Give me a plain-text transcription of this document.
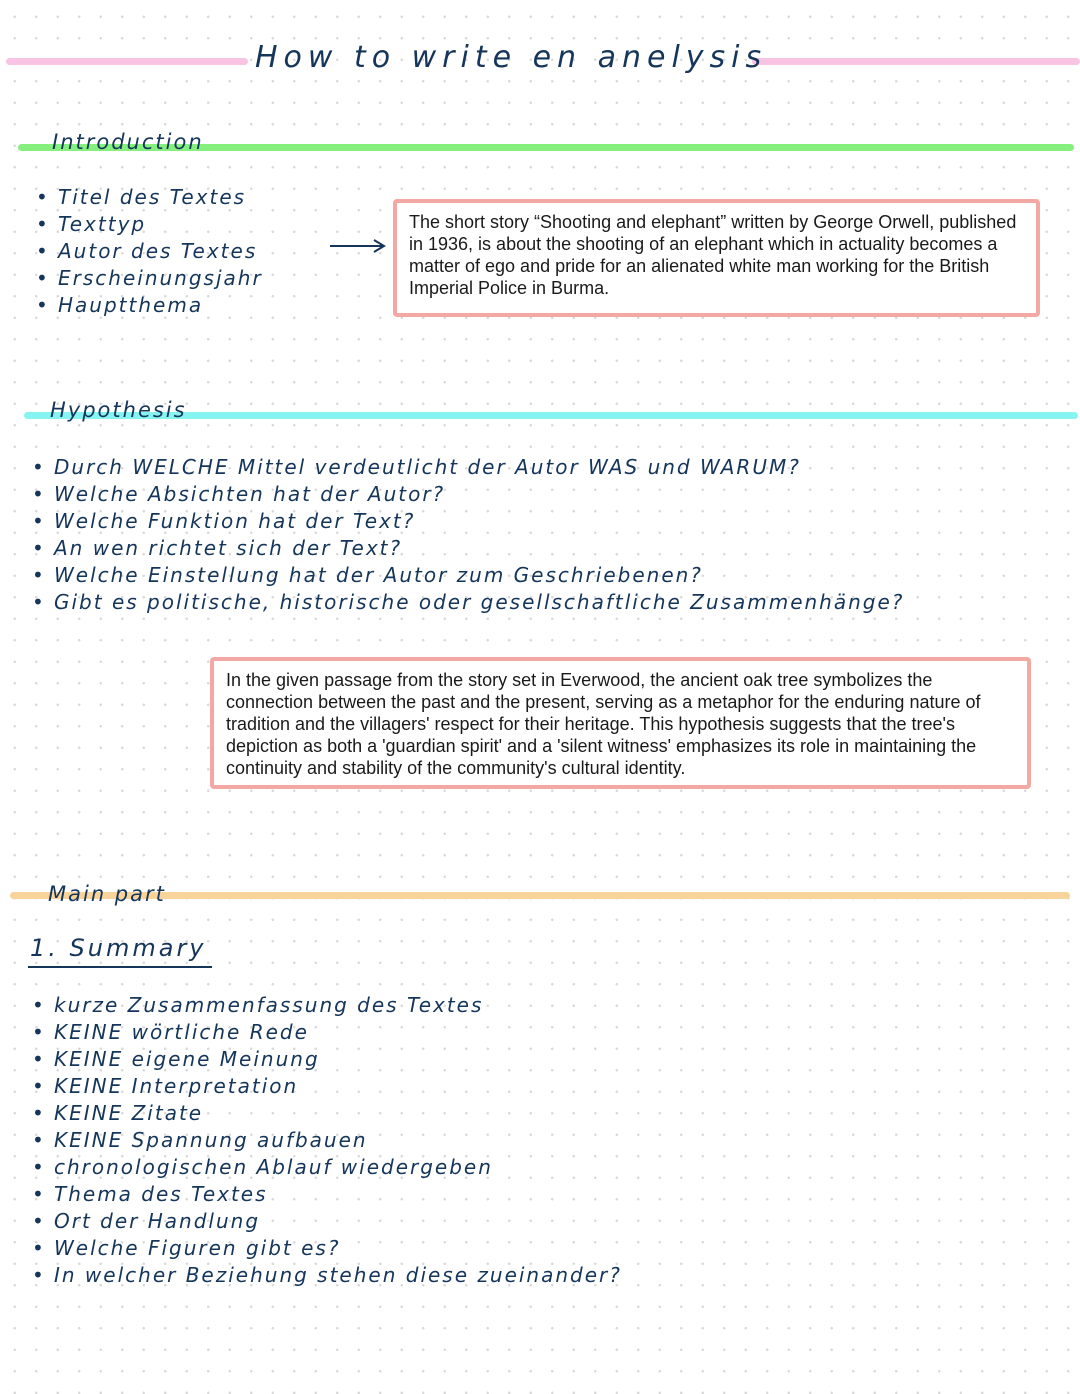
How to write en anelysis
Introduction
• Titel des Textes
• Texttyp
• Autor des Textes
• Erscheinungsjahr
• Hauptthema
The short story “Shooting and elephant” written by George Orwell, published in 1936, is about the shooting of an elephant which in actuality becomes a matter of ego and pride for an alienated white man working for the British Imperial Police in Burma.
Hypothesis
• Durch WELCHE Mittel verdeutlicht der Autor WAS und WARUM?
• Welche Absichten hat der Autor?
• Welche Funktion hat der Text?
• An wen richtet sich der Text?
• Welche Einstellung hat der Autor zum Geschriebenen?
• Gibt es politische, historische oder gesellschaftliche Zusammenhänge?
In the given passage from the story set in Everwood, the ancient oak tree symbolizes the connection between the past and the present, serving as a metaphor for the enduring nature of tradition and the villagers' respect for their heritage. This hypothesis suggests that the tree's depiction as both a 'guardian spirit' and a 'silent witness' emphasizes its role in maintaining the continuity and stability of the community's cultural identity.
Main part
1. Summary
• kurze Zusammenfassung des Textes
• KEINE wörtliche Rede
• KEINE eigene Meinung
• KEINE Interpretation
• KEINE Zitate
• KEINE Spannung aufbauen
• chronologischen Ablauf wiedergeben
• Thema des Textes
• Ort der Handlung
• Welche Figuren gibt es?
• In welcher Beziehung stehen diese zueinander?
